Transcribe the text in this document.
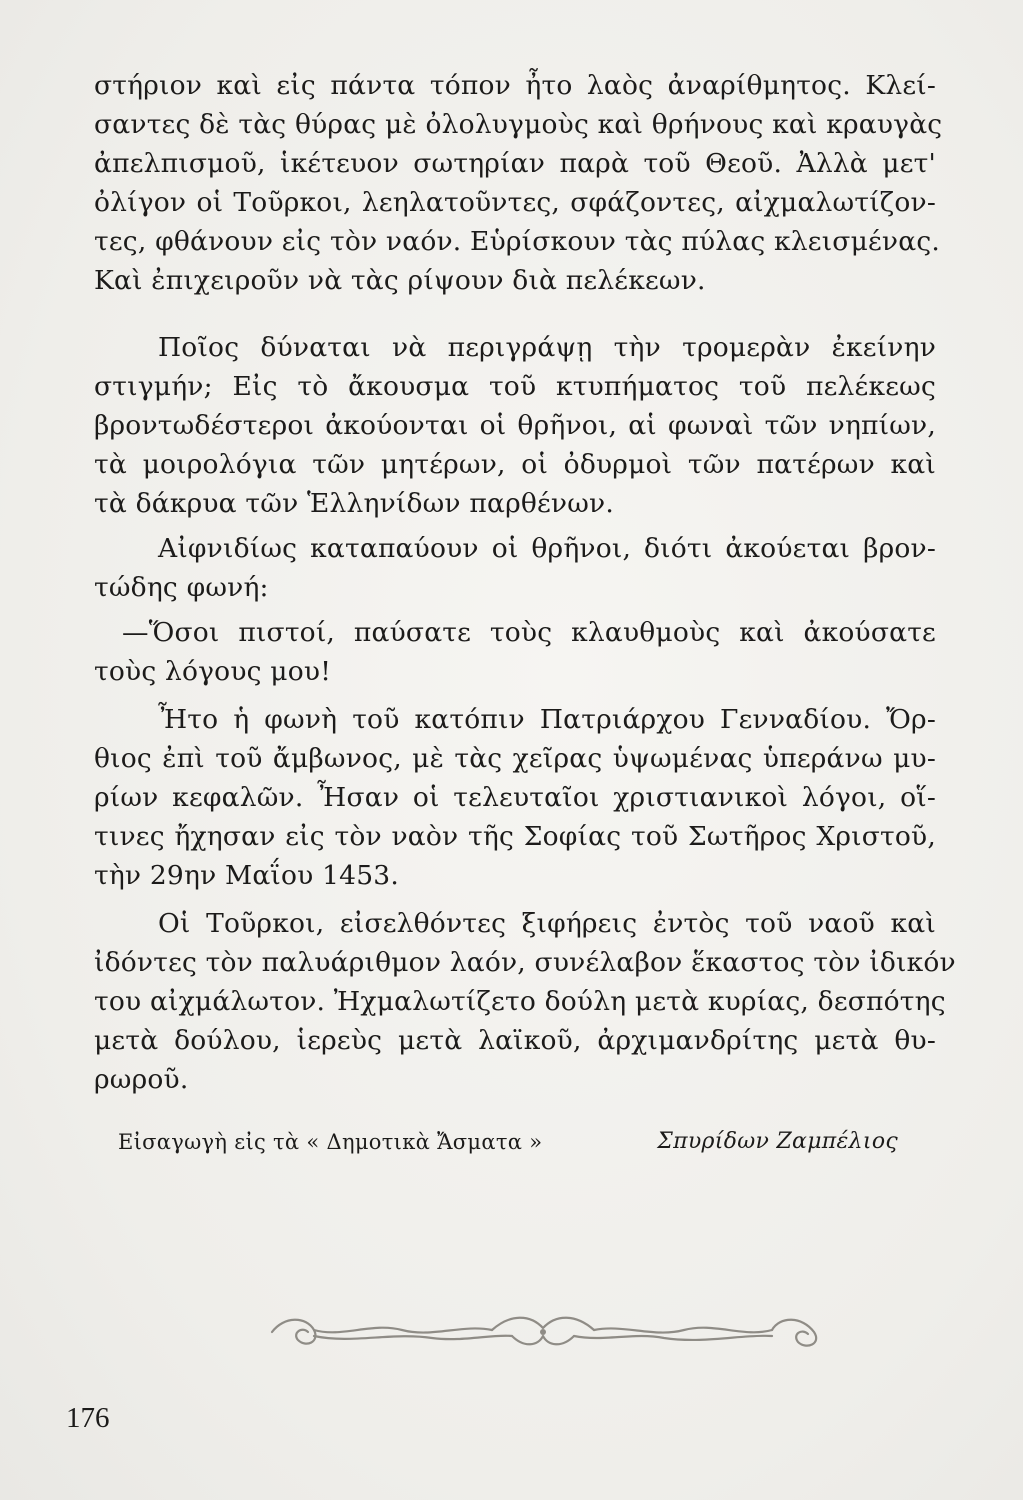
στήριον καὶ εἰς πάντα τόπον ἦτο λαὸς ἀναρίθμητος. Κλεί-
σαντες δὲ τὰς θύρας μὲ ὀλολυγμοὺς καὶ θρήνους καὶ κραυγὰς
ἀπελπισμοῦ, ἱκέτευον σωτηρίαν παρὰ τοῦ Θεοῦ. Ἀλλὰ μετ'
ὀλίγον οἱ Τοῦρκοι, λεηλατοῦντες, σφάζοντες, αἰχμαλωτίζον-
τες, φθάνουν εἰς τὸν ναόν. Εὑρίσκουν τὰς πύλας κλεισμένας.
Καὶ ἐπιχειροῦν νὰ τὰς ρίψουν διὰ πελέκεων.
Ποῖος δύναται νὰ περιγράψῃ τὴν τρομερὰν ἐκείνην
στιγμήν; Εἰς τὸ ἄκουσμα τοῦ κτυπήματος τοῦ πελέκεως
βροντωδέστεροι ἀκούονται οἱ θρῆνοι, αἱ φωναὶ τῶν νηπίων,
τὰ μοιρολόγια τῶν μητέρων, οἱ ὀδυρμοὶ τῶν πατέρων καὶ
τὰ δάκρυα τῶν Ἑλληνίδων παρθένων.
Αἰφνιδίως καταπαύουν οἱ θρῆνοι, διότι ἀκούεται βρον-
τώδης φωνή:
—Ὅσοι πιστοί, παύσατε τοὺς κλαυθμοὺς καὶ ἀκούσατε
τοὺς λόγους μου!
Ἦτο ἡ φωνὴ τοῦ κατόπιν Πατριάρχου Γενναδίου. Ὄρ-
θιος ἐπὶ τοῦ ἄμβωνος, μὲ τὰς χεῖρας ὑψωμένας ὑπεράνω μυ-
ρίων κεφαλῶν. Ἦσαν οἱ τελευταῖοι χριστιανικοὶ λόγοι, οἵ-
τινες ἤχησαν εἰς τὸν ναὸν τῆς Σοφίας τοῦ Σωτῆρος Χριστοῦ,
τὴν 29ην Μαΐου 1453.
Οἱ Τοῦρκοι, εἰσελθόντες ξιφήρεις ἐντὸς τοῦ ναοῦ καὶ
ἰδόντες τὸν παλυάριθμον λαόν, συνέλαβον ἕκαστος τὸν ἰδικόν
του αἰχμάλωτον. Ἠχμαλωτίζετο δούλη μετὰ κυρίας, δεσπότης
μετὰ δούλου, ἱερεὺς μετὰ λαϊκοῦ, ἀρχιμανδρίτης μετὰ θυ-
ρωροῦ.
Εἰσαγωγὴ εἰς τὰ « Δημοτικὰ Ἄσματα »	Σπυρίδων Ζαμπέλιος
176
